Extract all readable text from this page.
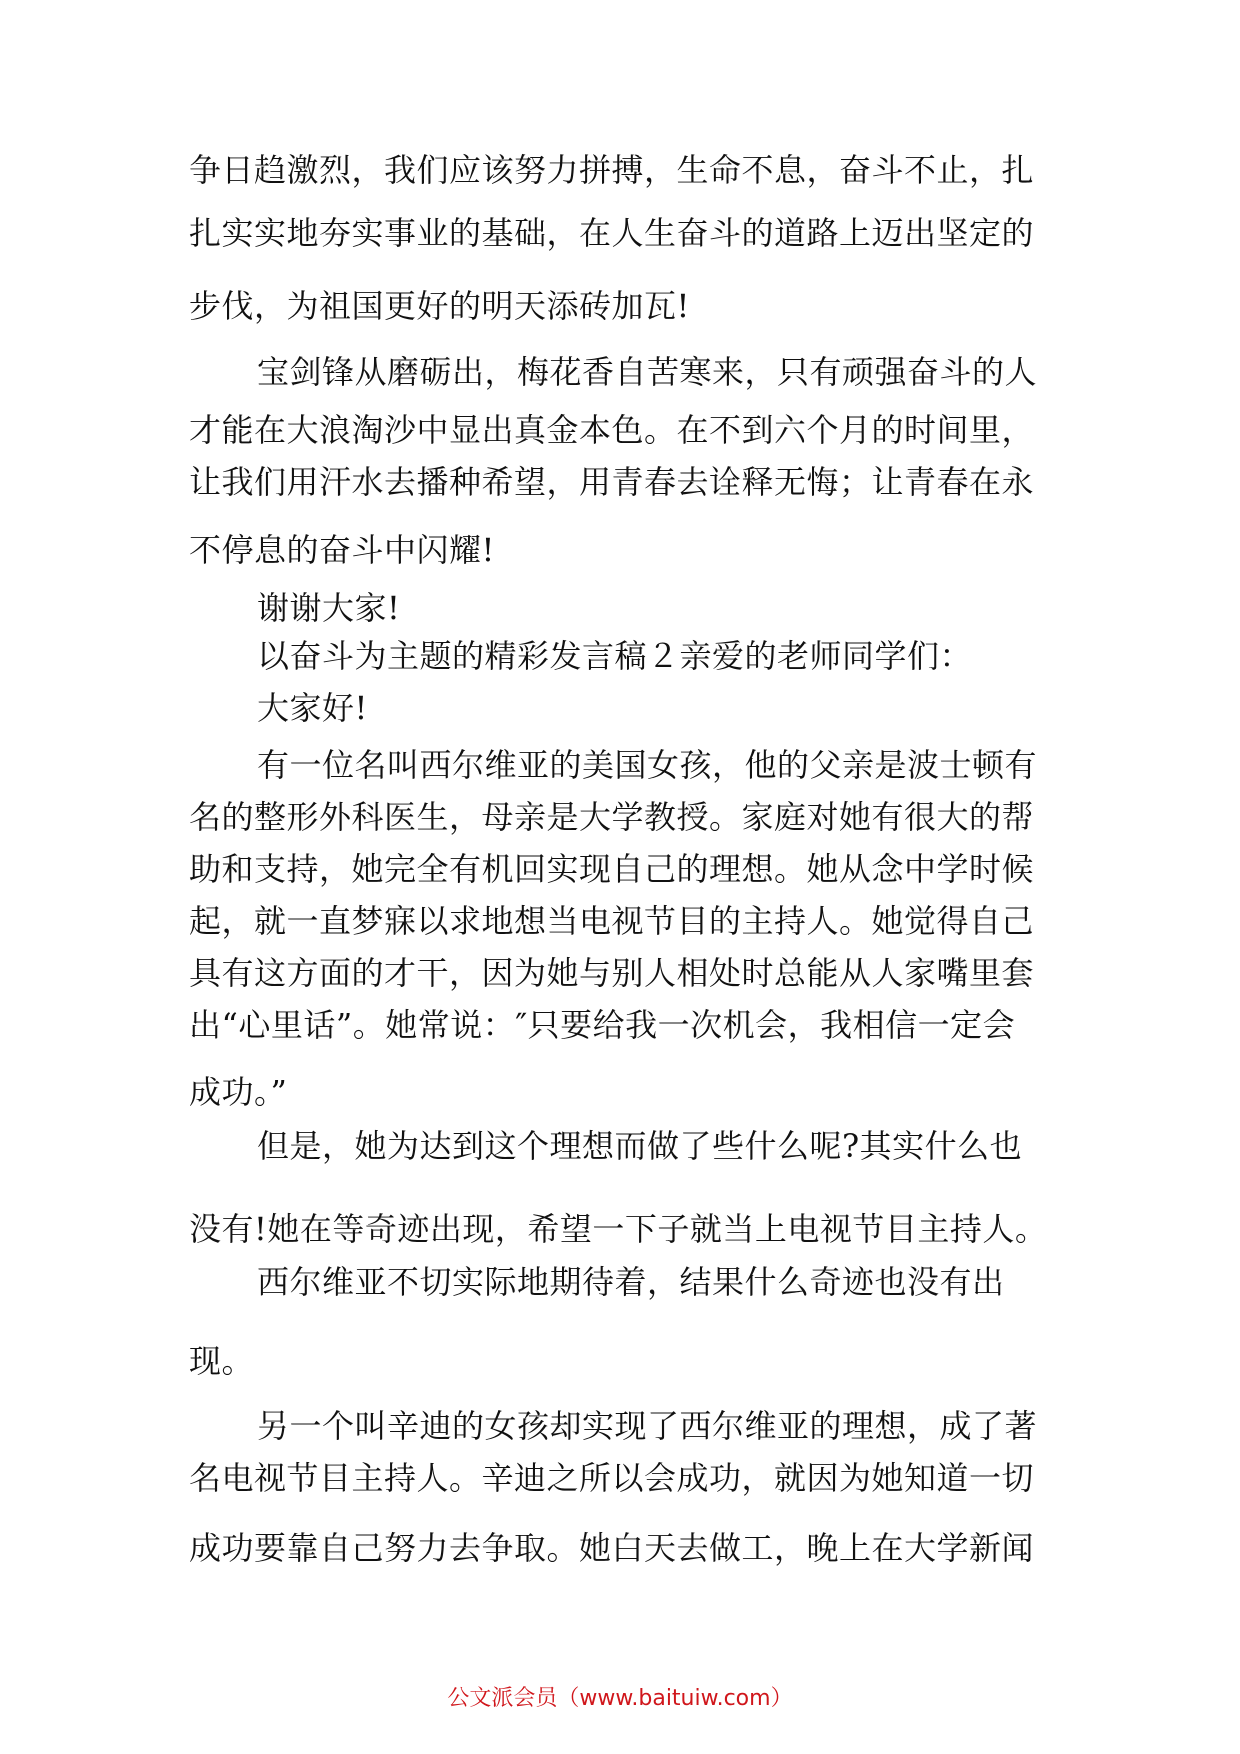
争日趋激烈，我们应该努力拼搏，生命不息，奋斗不止，扎
扎实实地夯实事业的基础，在人生奋斗的道路上迈出坚定的
步伐，为祖国更好的明天添砖加瓦!
宝剑锋从磨砺出，梅花香自苦寒来，只有顽强奋斗的人
才能在大浪淘沙中显出真金本色。在不到六个月的时间里，
让我们用汗水去播种希望，用青春去诠释无悔；让青春在永
不停息的奋斗中闪耀!
谢谢大家!
以奋斗为主题的精彩发言稿２亲爱的老师同学们：
大家好!
有一位名叫西尔维亚的美国女孩，他的父亲是波士顿有
名的整形外科医生，母亲是大学教授。家庭对她有很大的帮
助和支持，她完全有机回实现自己的理想。她从念中学时候
起，就一直梦寐以求地想当电视节目的主持人。她觉得自己
具有这方面的才干，因为她与别人相处时总能从人家嘴里套
出“心里话”。她常说：″只要给我一次机会，我相信一定会
成功。”
但是，她为达到这个理想而做了些什么呢?其实什么也
没有!她在等奇迹出现，希望一下子就当上电视节目主持人。
西尔维亚不切实际地期待着，结果什么奇迹也没有出
现。
另一个叫辛迪的女孩却实现了西尔维亚的理想，成了著
名电视节目主持人。辛迪之所以会成功，就因为她知道一切
成功要靠自己努力去争取。她白天去做工，晚上在大学新闻
公文派会员（www.baituiw.com）
